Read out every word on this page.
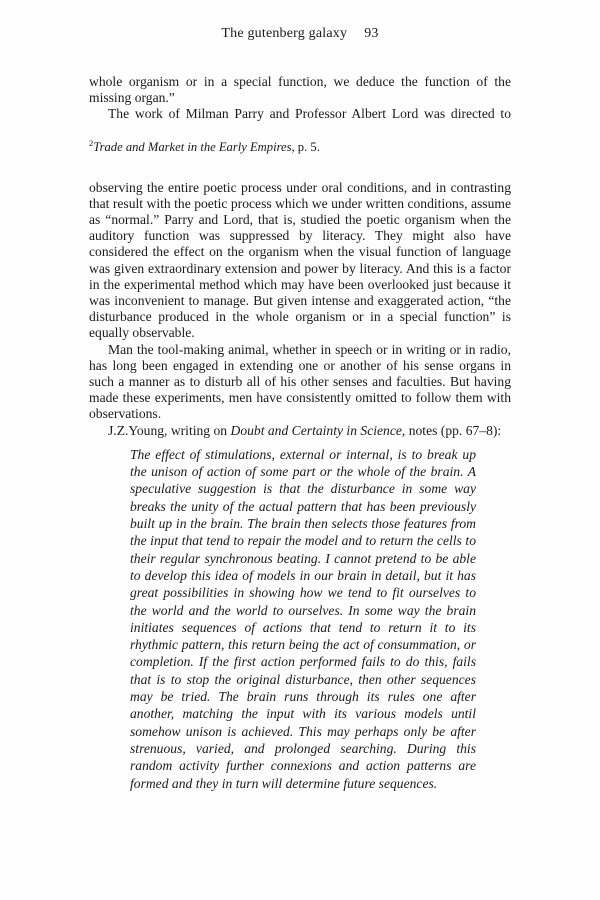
The gutenberg galaxy 93

whole organism or in a special function, we deduce the function of the missing organ.”

The work of Milman Parry and Professor Albert Lord was directed to

$^2$Trade and Market in the Early Empires, p. 5.

observing the entire poetic process under oral conditions, and in contrasting that result with the poetic process which we under written conditions, assume as “normal.” Parry and Lord, that is, studied the poetic organism when the auditory function was suppressed by literacy. They might also have considered the effect on the organism when the visual function of language was given extraordinary extension and power by literacy. And this is a factor in the experimental method which may have been overlooked just because it was inconvenient to manage. But given intense and exaggerated action, “the disturbance produced in the whole organism or in a special function” is equally observable.

Man the tool-making animal, whether in speech or in writing or in radio, has long been engaged in extending one or another of his sense organs in such a manner as to disturb all of his other senses and faculties. But having made these experiments, men have consistently omitted to follow them with observations.

J.Z.Young, writing on Doubt and Certainty in Science, notes (pp. 67–8):

The effect of stimulations, external or internal, is to break up the unison of action of some part or the whole of the brain. A speculative suggestion is that the disturbance in some way breaks the unity of the actual pattern that has been previously built up in the brain. The brain then selects those features from the input that tend to repair the model and to return the cells to their regular synchronous beating. I cannot pretend to be able to develop this idea of models in our brain in detail, but it has great possibilities in showing how we tend to fit ourselves to the world and the world to ourselves. In some way the brain initiates sequences of actions that tend to return it to its rhythmic pattern, this return being the act of consummation, or completion. If the first action performed fails to do this, fails that is to stop the original disturbance, then other sequences may be tried. The brain runs through its rules one after another, matching the input with its various models until somehow unison is achieved. This may perhaps only be after strenuous, varied, and prolonged searching. During this random activity further connexions and action patterns are formed and they in turn will determine future sequences.
